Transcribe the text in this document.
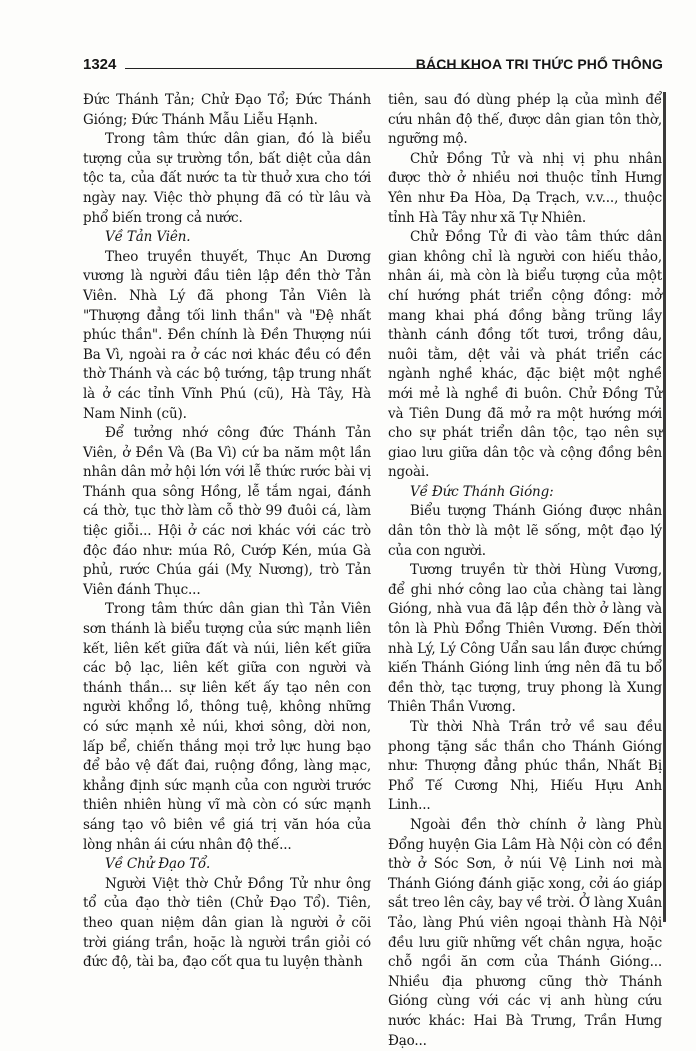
1324	BÁCH KHOA TRI THỨC PHỔ THÔNG

Đức Thánh Tản; Chử Đạo Tổ; Đức Thánh Gióng; Đức Thánh Mẫu Liễu Hạnh.

Trong tâm thức dân gian, đó là biểu tượng của sự trường tồn, bất diệt của dân tộc ta, của đất nước ta từ thuở xưa cho tới ngày nay. Việc thờ phụng đã có từ lâu và phổ biến trong cả nước.

Về Tản Viên.

Theo truyền thuyết, Thục An Dương vương là người đầu tiên lập đền thờ Tản Viên. Nhà Lý đã phong Tản Viên là "Thượng đẳng tối linh thần" và "Đệ nhất phúc thần". Đền chính là Đền Thượng núi Ba Vì, ngoài ra ở các nơi khác đều có đền thờ Thánh và các bộ tướng, tập trung nhất là ở các tỉnh Vĩnh Phú (cũ), Hà Tây, Hà Nam Ninh (cũ).

Để tưởng nhớ công đức Thánh Tản Viên, ở Đền Và (Ba Vì) cứ ba năm một lần nhân dân mở hội lớn với lễ thức rước bài vị Thánh qua sông Hồng, lễ tắm ngai, đánh cá thờ, tục thờ làm cỗ thờ 99 đuôi cá, làm tiệc giỗi... Hội ở các nơi khác với các trò độc đáo như: múa Rô, Cướp Kén, múa Gà phủ, rước Chúa gái (Mỵ Nương), trò Tản Viên đánh Thục...

Trong tâm thức dân gian thì Tản Viên sơn thánh là biểu tượng của sức mạnh liên kết, liên kết giữa đất và núi, liên kết giữa các bộ lạc, liên kết giữa con người và thánh thần... sự liên kết ấy tạo nên con người khổng lồ, thông tuệ, không những có sức mạnh xẻ núi, khơi sông, dời non, lấp bể, chiến thắng mọi trở lực hung bạo để bảo vệ đất đai, ruộng đồng, làng mạc, khẳng định sức mạnh của con người trước thiên nhiên hùng vĩ mà còn có sức mạnh sáng tạo vô biên về giá trị văn hóa của lòng nhân ái cứu nhân độ thế...

Về Chử Đạo Tổ.

Người Việt thờ Chử Đồng Tử như ông tổ của đạo thờ tiên (Chử Đạo Tổ). Tiên, theo quan niệm dân gian là người ở cõi trời giáng trần, hoặc là người trần giỏi có đức độ, tài ba, đạo cốt qua tu luyện thành

tiên, sau đó dùng phép lạ của mình để cứu nhân độ thế, được dân gian tôn thờ, ngưỡng mộ.

Chử Đồng Tử và nhị vị phu nhân được thờ ở nhiều nơi thuộc tỉnh Hưng Yên như Đa Hòa, Dạ Trạch, v.v..., thuộc tỉnh Hà Tây như xã Tự Nhiên.

Chử Đồng Tử đi vào tâm thức dân gian không chỉ là người con hiếu thảo, nhân ái, mà còn là biểu tượng của một chí hướng phát triển cộng đồng: mở mang khai phá đồng bằng trũng lầy thành cánh đồng tốt tươi, trồng dâu, nuôi tằm, dệt vải và phát triển các ngành nghề khác, đặc biệt một nghề mới mẻ là nghề đi buôn. Chử Đồng Tử và Tiên Dung đã mở ra một hướng mới cho sự phát triển dân tộc, tạo nên sự giao lưu giữa dân tộc và cộng đồng bên ngoài.

Về Đức Thánh Gióng:

Biểu tượng Thánh Gióng được nhân dân tôn thờ là một lẽ sống, một đạo lý của con người.

Tương truyền từ thời Hùng Vương, để ghi nhớ công lao của chàng tai làng Gióng, nhà vua đã lập đền thờ ở làng và tôn là Phù Đổng Thiên Vương. Đến thời nhà Lý, Lý Công Uẩn sau lần được chứng kiến Thánh Gióng linh ứng nên đã tu bổ đền thờ, tạc tượng, truy phong là Xung Thiên Thần Vương.

Từ thời Nhà Trần trở về sau đều phong tặng sắc thần cho Thánh Gióng như: Thượng đẳng phúc thần, Nhất Bị Phổ Tế Cương Nhị, Hiếu Hựu Anh Linh...

Ngoài đền thờ chính ở làng Phù Đổng huyện Gia Lâm Hà Nội còn có đền thờ ở Sóc Sơn, ở núi Vệ Linh nơi mà Thánh Gióng đánh giặc xong, cởi áo giáp sắt treo lên cây, bay về trời. Ở làng Xuân Tảo, làng Phú viên ngoại thành Hà Nội đều lưu giữ những vết chân ngựa, hoặc chỗ ngồi ăn cơm của Thánh Gióng... Nhiều địa phương cũng thờ Thánh Gióng cùng với các vị anh hùng cứu nước khác: Hai Bà Trưng, Trần Hưng Đạo...
